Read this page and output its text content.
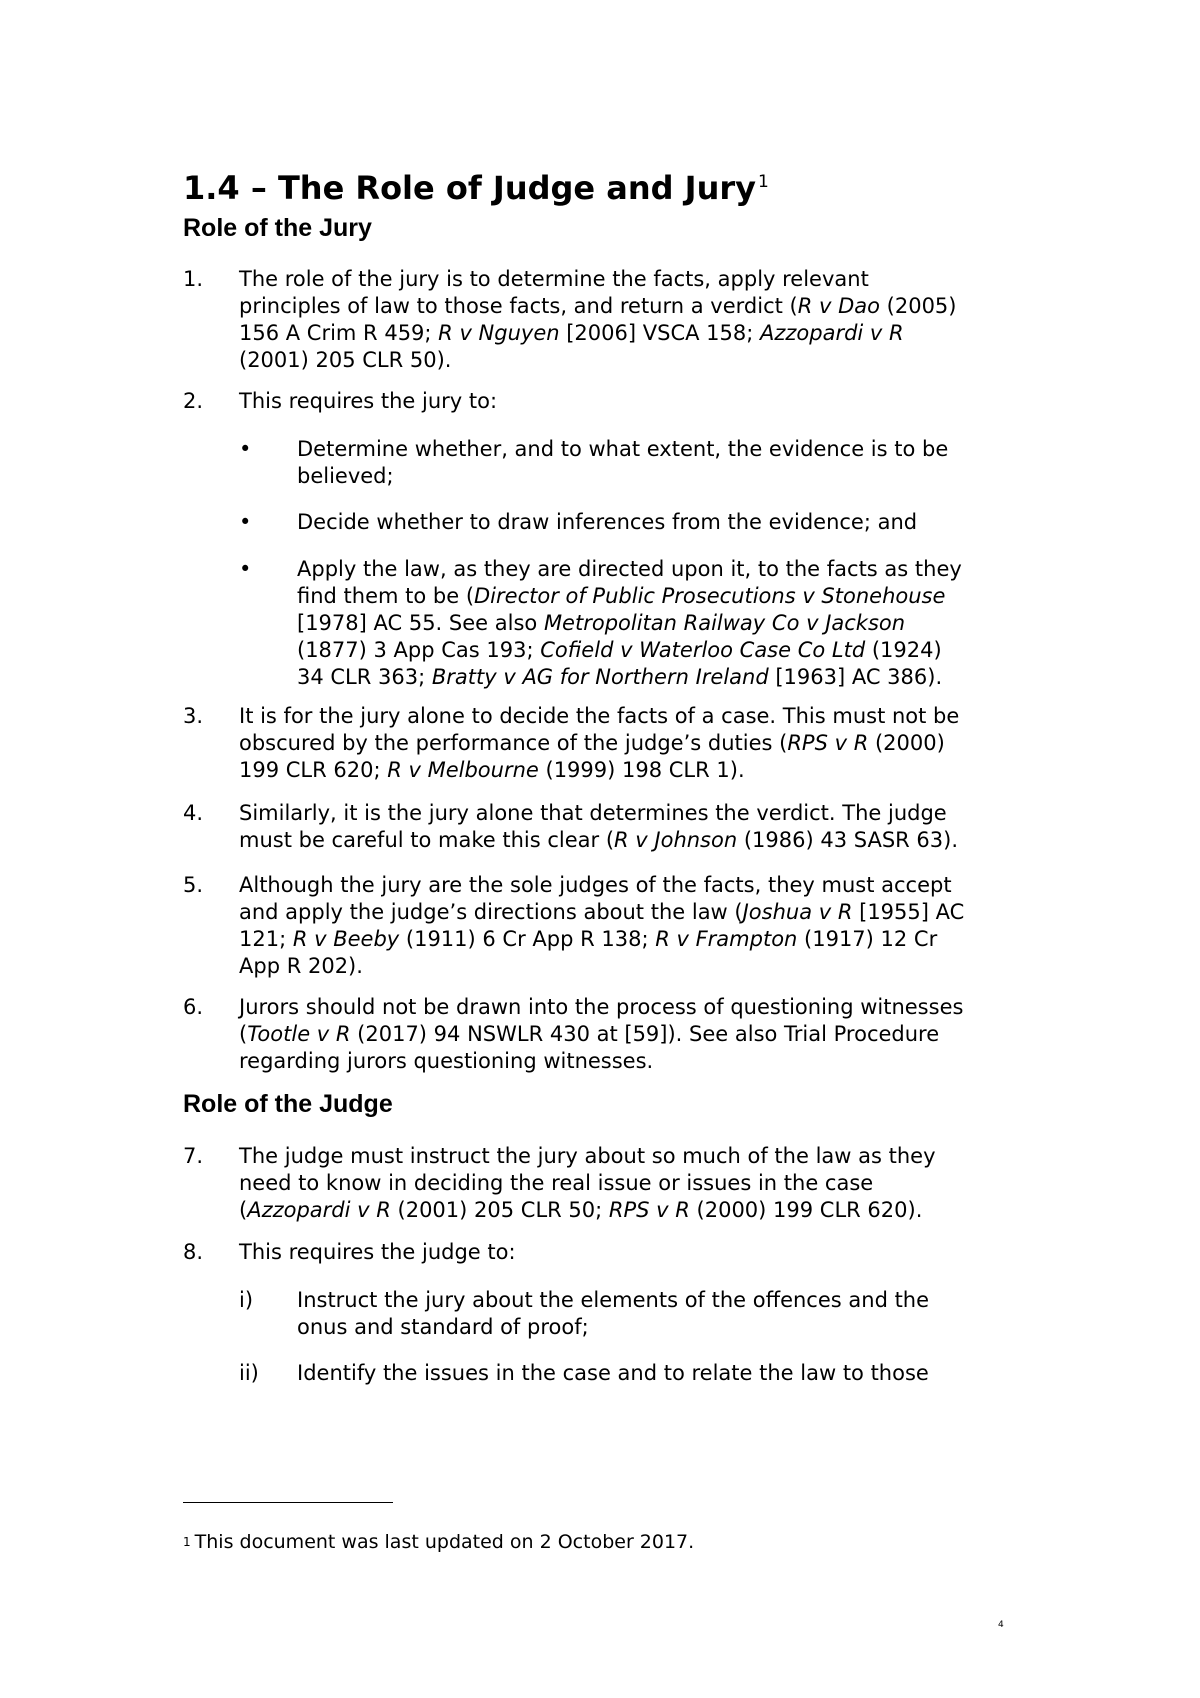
1.4 – The Role of Judge and Jury $^1$
Role of the Jury
1. The role of the jury is to determine the facts, apply relevant
principles of law to those facts, and return a verdict (R v Dao (2005)
156 A Crim R 459; R v Nguyen [2006] VSCA 158; Azzopardi v R
(2001) 205 CLR 50).
2. This requires the jury to:
• Determine whether, and to what extent, the evidence is to be
believed;
• Decide whether to draw inferences from the evidence; and
• Apply the law, as they are directed upon it, to the facts as they
find them to be (Director of Public Prosecutions v Stonehouse
[1978] AC 55. See also Metropolitan Railway Co v Jackson
(1877) 3 App Cas 193; Cofield v Waterloo Case Co Ltd (1924)
34 CLR 363; Bratty v AG for Northern Ireland [1963] AC 386).
3. It is for the jury alone to decide the facts of a case. This must not be
obscured by the performance of the judge’s duties (RPS v R (2000)
199 CLR 620; R v Melbourne (1999) 198 CLR 1).
4. Similarly, it is the jury alone that determines the verdict. The judge
must be careful to make this clear (R v Johnson (1986) 43 SASR 63).
5. Although the jury are the sole judges of the facts, they must accept
and apply the judge’s directions about the law (Joshua v R [1955] AC
121; R v Beeby (1911) 6 Cr App R 138; R v Frampton (1917) 12 Cr
App R 202).
6. Jurors should not be drawn into the process of questioning witnesses
(Tootle v R (2017) 94 NSWLR 430 at [59]). See also Trial Procedure
regarding jurors questioning witnesses.
Role of the Judge
7. The judge must instruct the jury about so much of the law as they
need to know in deciding the real issue or issues in the case
(Azzopardi v R (2001) 205 CLR 50; RPS v R (2000) 199 CLR 620).
8. This requires the judge to:
i) Instruct the jury about the elements of the offences and the
onus and standard of proof;
ii) Identify the issues in the case and to relate the law to those
$^1$ This document was last updated on 2 October 2017.
4
